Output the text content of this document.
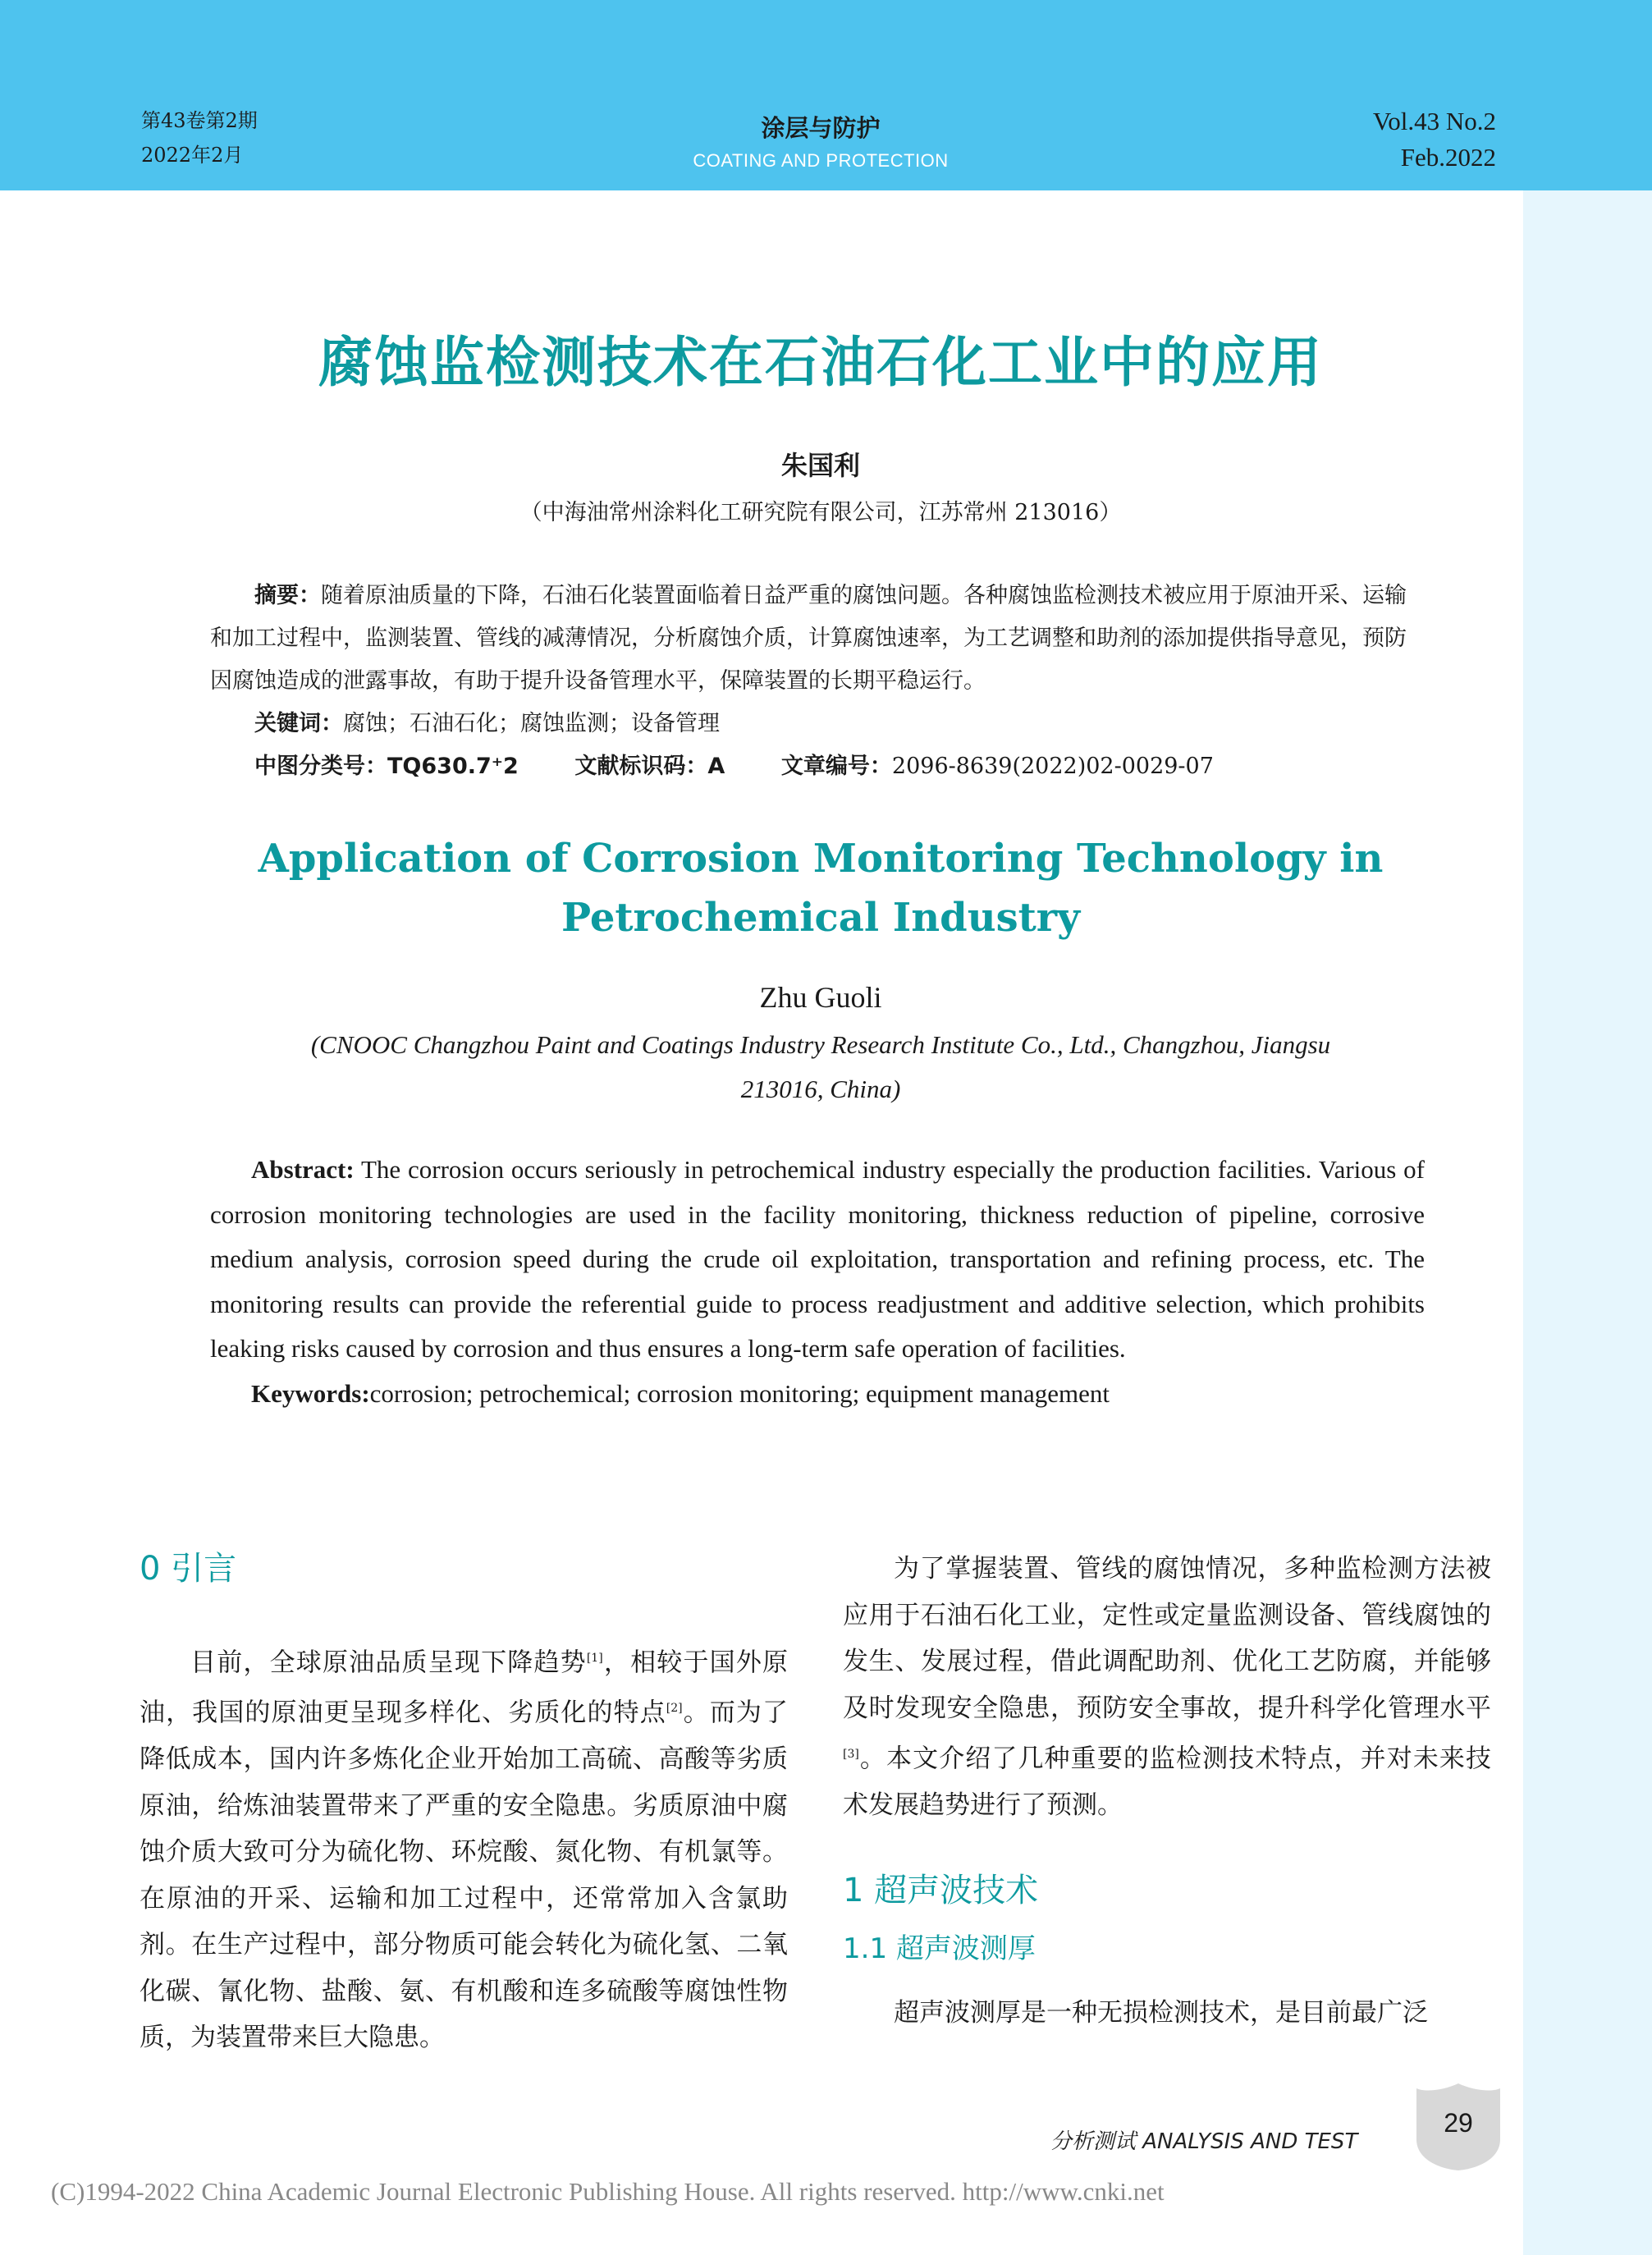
第43卷第2期
2022年2月
涂层与防护
COATING AND PROTECTION
Vol.43 No.2
Feb.2022
腐蚀监检测技术在石油石化工业中的应用
朱国利
（中海油常州涂料化工研究院有限公司，江苏常州 213016）

摘要：随着原油质量的下降，石油石化装置面临着日益严重的腐蚀问题。各种腐蚀监检测技术被应用于原油开采、运输和加工过程中，监测装置、管线的减薄情况，分析腐蚀介质，计算腐蚀速率，为工艺调整和助剂的添加提供指导意见，预防因腐蚀造成的泄露事故，有助于提升设备管理水平，保障装置的长期平稳运行。

关键词：腐蚀；石油石化；腐蚀监测；设备管理

中图分类号：TQ630.7⁺2	文献标识码：A	文章编号：2096-8639(2022)02-0029-07

Application of Corrosion Monitoring Technology in
Petrochemical Industry
Zhu Guoli
(CNOOC Changzhou Paint and Coatings Industry Research Institute Co., Ltd., Changzhou, Jiangsu
213016, China)

Abstract: The corrosion occurs seriously in petrochemical industry especially the production facilities. Various of corrosion monitoring technologies are used in the facility monitoring, thickness reduction of pipeline, corrosive medium analysis, corrosion speed during the crude oil exploitation, transportation and refining process, etc. The monitoring results can provide the referential guide to process readjustment and additive selection, which prohibits leaking risks caused by corrosion and thus ensures a long-term safe operation of facilities.

Keywords:corrosion; petrochemical; corrosion monitoring; equipment management

0 引言

目前，全球原油品质呈现下降趋势[1]，相较于国外原油，我国的原油更呈现多样化、劣质化的特点[2]。而为了降低成本，国内许多炼化企业开始加工高硫、高酸等劣质原油，给炼油装置带来了严重的安全隐患。劣质原油中腐蚀介质大致可分为硫化物、环烷酸、氮化物、有机氯等。在原油的开采、运输和加工过程中，还常常加入含氯助剂。在生产过程中，部分物质可能会转化为硫化氢、二氧化碳、氰化物、盐酸、氨、有机酸和连多硫酸等腐蚀性物质，为装置带来巨大隐患。

为了掌握装置、管线的腐蚀情况，多种监检测方法被应用于石油石化工业，定性或定量监测设备、管线腐蚀的发生、发展过程，借此调配助剂、优化工艺防腐，并能够及时发现安全隐患，预防安全事故，提升科学化管理水平[3]。本文介绍了几种重要的监检测技术特点，并对未来技术发展趋势进行了预测。

1 超声波技术
1.1 超声波测厚

超声波测厚是一种无损检测技术，是目前最广泛

分析测试 ANALYSIS AND TEST
29
(C)1994-2022 China Academic Journal Electronic Publishing House. All rights reserved. http://www.cnki.net
